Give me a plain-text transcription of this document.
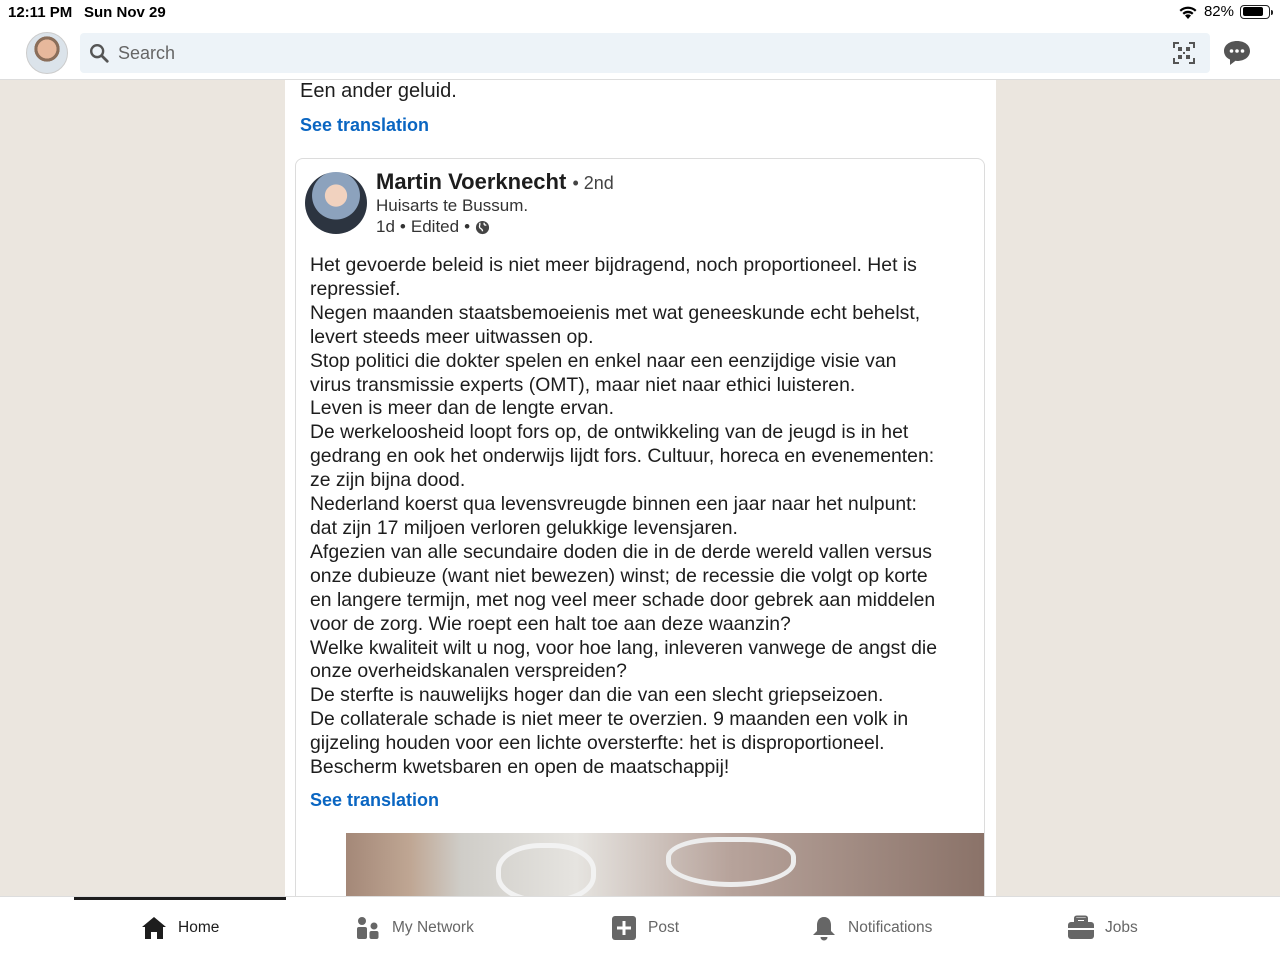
12:11 PM Sun Nov 29	82%
Search
Een ander geluid.
See translation
Martin Voerknecht • 2nd
Huisarts te Bussum.
1d • Edited •

Het gevoerde beleid is niet meer bijdragend, noch proportioneel. Het is

repressief.

Negen maanden staatsbemoeienis met wat geneeskunde echt behelst,

levert steeds meer uitwassen op.

Stop politici die dokter spelen en enkel naar een eenzijdige visie van

virus transmissie experts (OMT), maar niet naar ethici luisteren.

Leven is meer dan de lengte ervan.

De werkeloosheid loopt fors op, de ontwikkeling van de jeugd is in het

gedrang en ook het onderwijs lijdt fors. Cultuur, horeca en evenementen:

ze zijn bijna dood.

Nederland koerst qua levensvreugde binnen een jaar naar het nulpunt:

dat zijn 17 miljoen verloren gelukkige levensjaren.

Afgezien van alle secundaire doden die in de derde wereld vallen versus

onze dubieuze (want niet bewezen) winst; de recessie die volgt op korte

en langere termijn, met nog veel meer schade door gebrek aan middelen

voor de zorg. Wie roept een halt toe aan deze waanzin?

Welke kwaliteit wilt u nog, voor hoe lang, inleveren vanwege de angst die

onze overheidskanalen verspreiden?

De sterfte is nauwelijks hoger dan die van een slecht griepseizoen.

De collaterale schade is niet meer te overzien. 9 maanden een volk in

gijzeling houden voor een lichte oversterfte: het is disproportioneel.

Bescherm kwetsbaren en open de maatschappij!

See translation
Home	My Network	Post	Notifications	Jobs
